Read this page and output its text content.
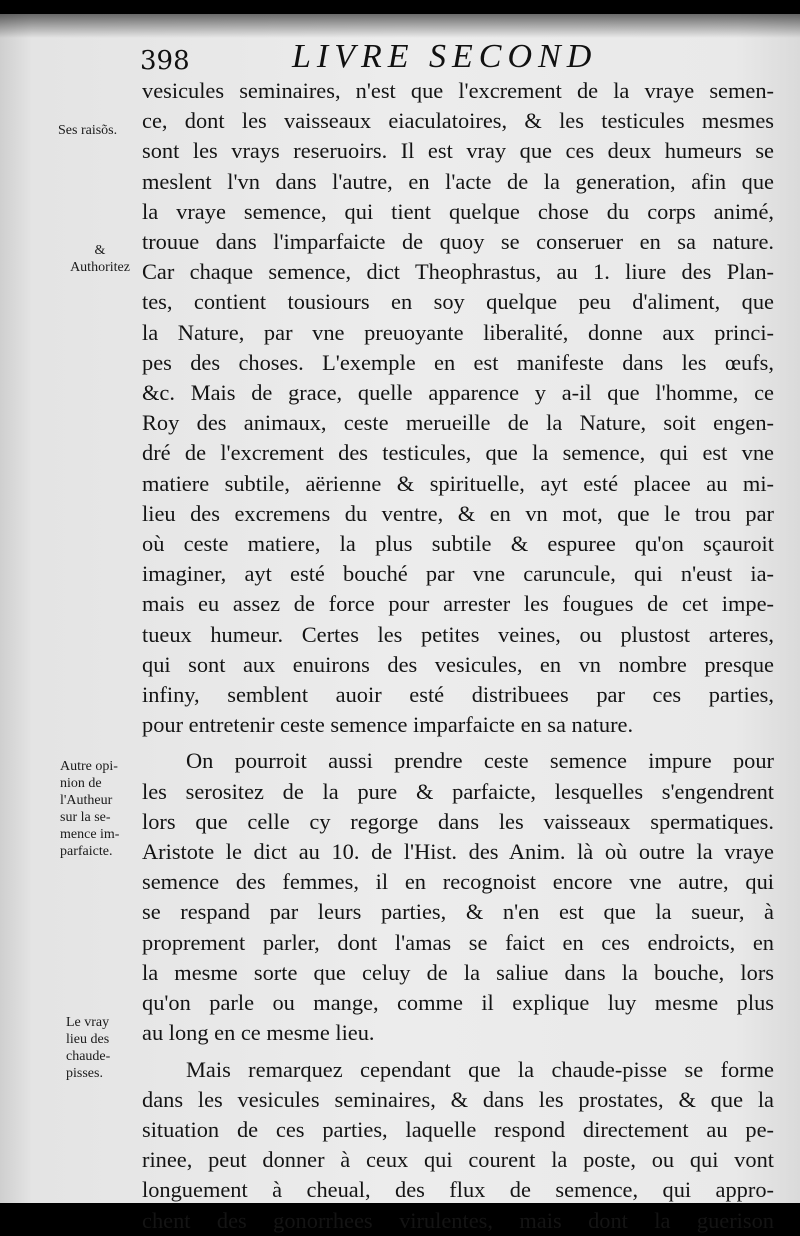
398	LIVRE SECOND
Ses raisõs.
&
Authoritez
Autre opi-
nion de
l'Autheur
sur la se-
mence im-
parfaicte.
Le vray
lieu des
chaude-
pisses.
vesicules seminaires, n'est que l'excrement de la vraye semen-
ce, dont les vaisseaux eiaculatoires, & les testicules mesmes
sont les vrays reseruoirs. Il est vray que ces deux humeurs se
meslent l'vn dans l'autre, en l'acte de la generation, afin que
la vraye semence, qui tient quelque chose du corps animé,
trouue dans l'imparfaicte de quoy se conseruer en sa nature.
Car chaque semence, dict Theophrastus, au 1. liure des Plan-
tes, contient tousiours en soy quelque peu d'aliment, que
la Nature, par vne preuoyante liberalité, donne aux princi-
pes des choses. L'exemple en est manifeste dans les œufs,
&c. Mais de grace, quelle apparence y a-il que l'homme, ce
Roy des animaux, ceste merueille de la Nature, soit engen-
dré de l'excrement des testicules, que la semence, qui est vne
matiere subtile, aërienne & spirituelle, ayt esté placee au mi-
lieu des excremens du ventre, & en vn mot, que le trou par
où ceste matiere, la plus subtile & espuree qu'on sçauroit
imaginer, ayt esté bouché par vne caruncule, qui n'eust ia-
mais eu assez de force pour arrester les fougues de cet impe-
tueux humeur. Certes les petites veines, ou plustost arteres,
qui sont aux enuirons des vesicules, en vn nombre presque
infiny, semblent auoir esté distribuees par ces parties,
pour entretenir ceste semence imparfaicte en sa nature.
On pourroit aussi prendre ceste semence impure pour
les serositez de la pure & parfaicte, lesquelles s'engendrent
lors que celle cy regorge dans les vaisseaux spermatiques.
Aristote le dict au 10. de l'Hist. des Anim. là où outre la vraye
semence des femmes, il en recognoist encore vne autre, qui
se respand par leurs parties, & n'en est que la sueur, à
proprement parler, dont l'amas se faict en ces endroicts, en
la mesme sorte que celuy de la saliue dans la bouche, lors
qu'on parle ou mange, comme il explique luy mesme plus
au long en ce mesme lieu.
Mais remarquez cependant que la chaude-pisse se forme
dans les vesicules seminaires, & dans les prostates, & que la
situation de ces parties, laquelle respond directement au pe-
rinee, peut donner à ceux qui courent la poste, ou qui vont
longuement à cheual, des flux de semence, qui appro-
chent des gonorrhees virulentes, mais dont la guerison
